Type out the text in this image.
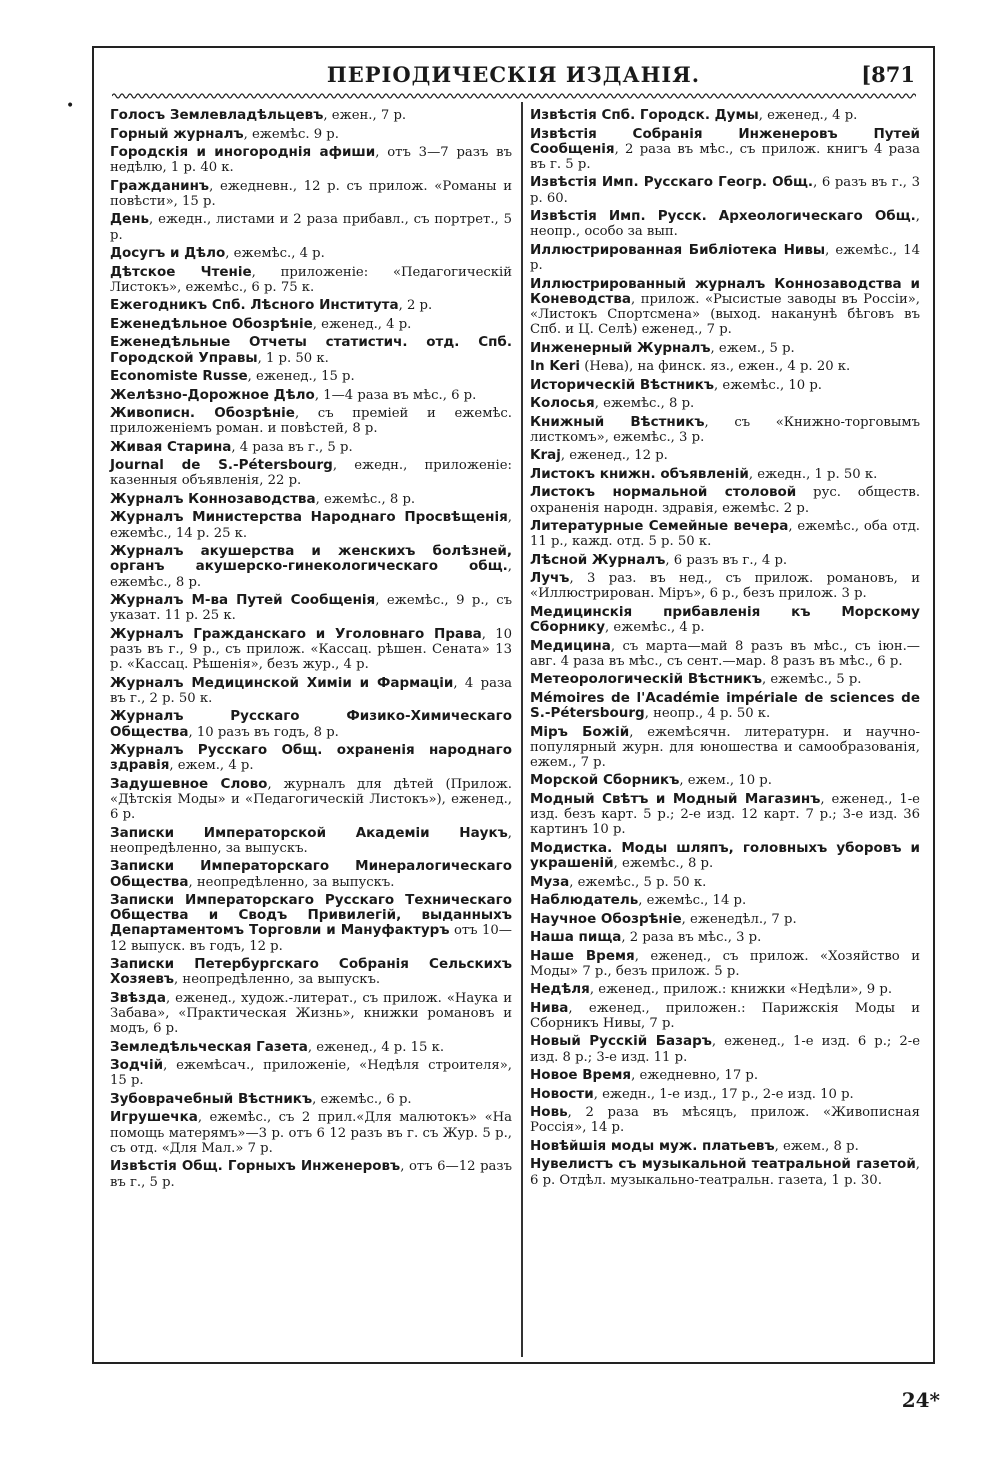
ПЕРIОДИЧЕСКIЯ ИЗДАНIЯ.	[871
•
Голосъ Землевладѣльцевъ, ежен., 7 р.
Горный журналъ, ежемѣс. 9 р.
Городскiя и иногороднiя афиши, отъ 3—7 разъ въ недѣлю, 1 р. 40 к.
Гражданинъ, ежедневн., 12 р. съ прилож. «Романы и повѣсти», 15 р.
День, ежедн., листами и 2 раза прибавл., съ портрет., 5 р.
Досугъ и Дѣло, ежемѣс., 4 р.
Дѣтское Чтенiе, приложенiе: «Педагогическiй Листокъ», ежемѣс., 6 р. 75 к.
Ежегодникъ Спб. Лѣсного Института, 2 р.
Еженедѣльное Обозрѣнiе, еженед., 4 р.
Еженедѣльные Отчеты статистич. отд. Спб. Городской Управы, 1 р. 50 к.
Economiste Russe, еженед., 15 р.
Желѣзно-Дорожное Дѣло, 1—4 раза въ мѣс., 6 р.
Живописн. Обозрѣнiе, съ премiей и ежемѣс. приложенiемъ роман. и повѣстей, 8 р.
Живая Старина, 4 раза въ г., 5 р.
Journal de S.-Pétersbourg, ежедн., приложенiе: казенныя объявленiя, 22 р.
Журналъ Коннозаводства, ежемѣс., 8 р.
Журналъ Министерства Народнаго Просвѣщенiя, ежемѣс., 14 р. 25 к.
Журналъ акушерства и женскихъ болѣзней, органъ акушерско-гинекологическаго общ., ежемѣс., 8 р.
Журналъ М-ва Путей Сообщенiя, ежемѣс., 9 р., съ указат. 11 р. 25 к.
Журналъ Гражданскаго и Уголовнаго Права, 10 разъ въ г., 9 р., съ прилож. «Кассац. рѣшен. Сената» 13 р. «Кассац. Рѣшенiя», безъ жур., 4 р.
Журналъ Медицинской Химiи и Фармацiи, 4 раза въ г., 2 р. 50 к.
Журналъ Русскаго Физико-Химическаго Общества, 10 разъ въ годъ, 8 р.
Журналъ Русскаго Общ. охраненiя народнаго здравiя, ежем., 4 р.
Задушевное Слово, журналъ для дѣтей (Прилож. «Дѣтскiя Моды» и «Педагогическiй Листокъ»), еженед., 6 р.
Записки Императорской Академiи Наукъ, неопредѣленно, за выпускъ.
Записки Императорскаго Минералогическаго Общества, неопредѣленно, за выпускъ.
Записки Императорскаго Русскаго Техническаго Общества и Сводъ Привилегiй, выданныхъ Департаментомъ Торговли и Мануфактуръ отъ 10—12 выпуск. въ годъ, 12 р.
Записки Петербургскаго Собранiя Сельскихъ Хозяевъ, неопредѣленно, за выпускъ.
Звѣзда, еженед., худож.-литерат., съ прилож. «Наука и Забава», «Практическая Жизнь», книжки романовъ и модъ, 6 р.
Земледѣльческая Газета, еженед., 4 р. 15 к.
Зодчiй, ежемѣсач., приложенiе, «Недѣля строителя», 15 р.
Зубоврачебный Вѣстникъ, ежемѣс., 6 р.
Игрушечка, ежемѣс., съ 2 прил.«Для малютокъ» «На помощь матерямъ»—3 р. отъ 6 12 разъ въ г. съ Жур. 5 р., съ отд. «Для Мал.» 7 р.
Извѣстiя Общ. Горныхъ Инженеровъ, отъ 6—12 разъ въ г., 5 р.
Извѣстiя Спб. Городск. Думы, еженед., 4 р.
Извѣстiя Собранiя Инженеровъ Путей Сообщенiя, 2 раза въ мѣс., съ прилож. книгъ 4 раза въ г. 5 р.
Извѣстiя Имп. Русскаго Геогр. Общ., 6 разъ въ г., 3 р. 60.
Извѣстiя Имп. Русск. Археологическаго Общ., неопр., особо за вып.
Иллюстрированная Библiотека Нивы, ежемѣс., 14 р.
Иллюстрированный журналъ Коннозаводства и Коневодства, прилож. «Рысистые заводы въ Россiи», «Листокъ Спортсмена» (выход. наканунѣ бѣговъ въ Спб. и Ц. Селѣ) еженед., 7 р.
Инженерный Журналъ, ежем., 5 р.
In Keri (Нева), на финск. яз., ежен., 4 р. 20 к.
Историческiй Вѣстникъ, ежемѣс., 10 р.
Колосья, ежемѣс., 8 р.
Книжный Вѣстникъ, съ «Книжно-торговымъ листкомъ», ежемѣс., 3 р.
Kraj, еженед., 12 р.
Листокъ книжн. объявленiй, ежедн., 1 р. 50 к.
Листокъ нормальной столовой рус. обществ. охраненiя народн. здравiя, ежемѣс. 2 р.
Литературные Семейные вечера, ежемѣс., оба отд. 11 р., кажд. отд. 5 р. 50 к.
Лѣсной Журналъ, 6 разъ въ г., 4 р.
Лучъ, 3 раз. въ нед., съ прилож. романовъ, и «Иллюстрирован. Мiръ», 6 р., безъ прилож. 3 р.
Медицинскiя прибавленiя къ Морскому Сборнику, ежемѣс., 4 р.
Медицина, съ марта—май 8 разъ въ мѣс., съ iюн.—авг. 4 раза въ мѣс., съ сент.—мар. 8 разъ въ мѣс., 6 р.
Метеорологическiй Вѣстникъ, ежемѣс., 5 р.
Mémoires de l'Académie impériale de sciences de S.-Pétersbourg, неопр., 4 р. 50 к.
Мiръ Божiй, ежемѣсячн. литературн. и научно-популярный журн. для юношества и самообразованiя, ежем., 7 р.
Морской Сборникъ, ежем., 10 р.
Модный Свѣтъ и Модный Магазинъ, еженед., 1-е изд. безъ карт. 5 р.; 2-е изд. 12 карт. 7 р.; 3-е изд. 36 картинъ 10 р.
Модистка. Моды шляпъ, головныхъ уборовъ и украшенiй, ежемѣс., 8 р.
Муза, ежемѣс., 5 р. 50 к.
Наблюдатель, ежемѣс., 14 р.
Научное Обозрѣнiе, еженедѣл., 7 р.
Наша пища, 2 раза въ мѣс., 3 р.
Наше Время, еженед., съ прилож. «Хозяйство и Моды» 7 р., безъ прилож. 5 р.
Недѣля, еженед., прилож.: книжки «Недѣли», 9 р.
Нива, еженед., приложен.: Парижскiя Моды и Сборникъ Нивы, 7 р.
Новый Русскiй Базаръ, еженед., 1-е изд. 6 р.; 2-е изд. 8 р.; 3-е изд. 11 р.
Новое Время, ежедневно, 17 р.
Новости, ежедн., 1-е изд., 17 р., 2-е изд. 10 р.
Новь, 2 раза въ мѣсяцъ, прилож. «Живописная Россiя», 14 р.
Новѣйшiя моды муж. платьевъ, ежем., 8 р.
Нувелистъ съ музыкальной театральной газетой, 6 р. Отдѣл. музыкально-театральн. газета, 1 р. 30.
24*
